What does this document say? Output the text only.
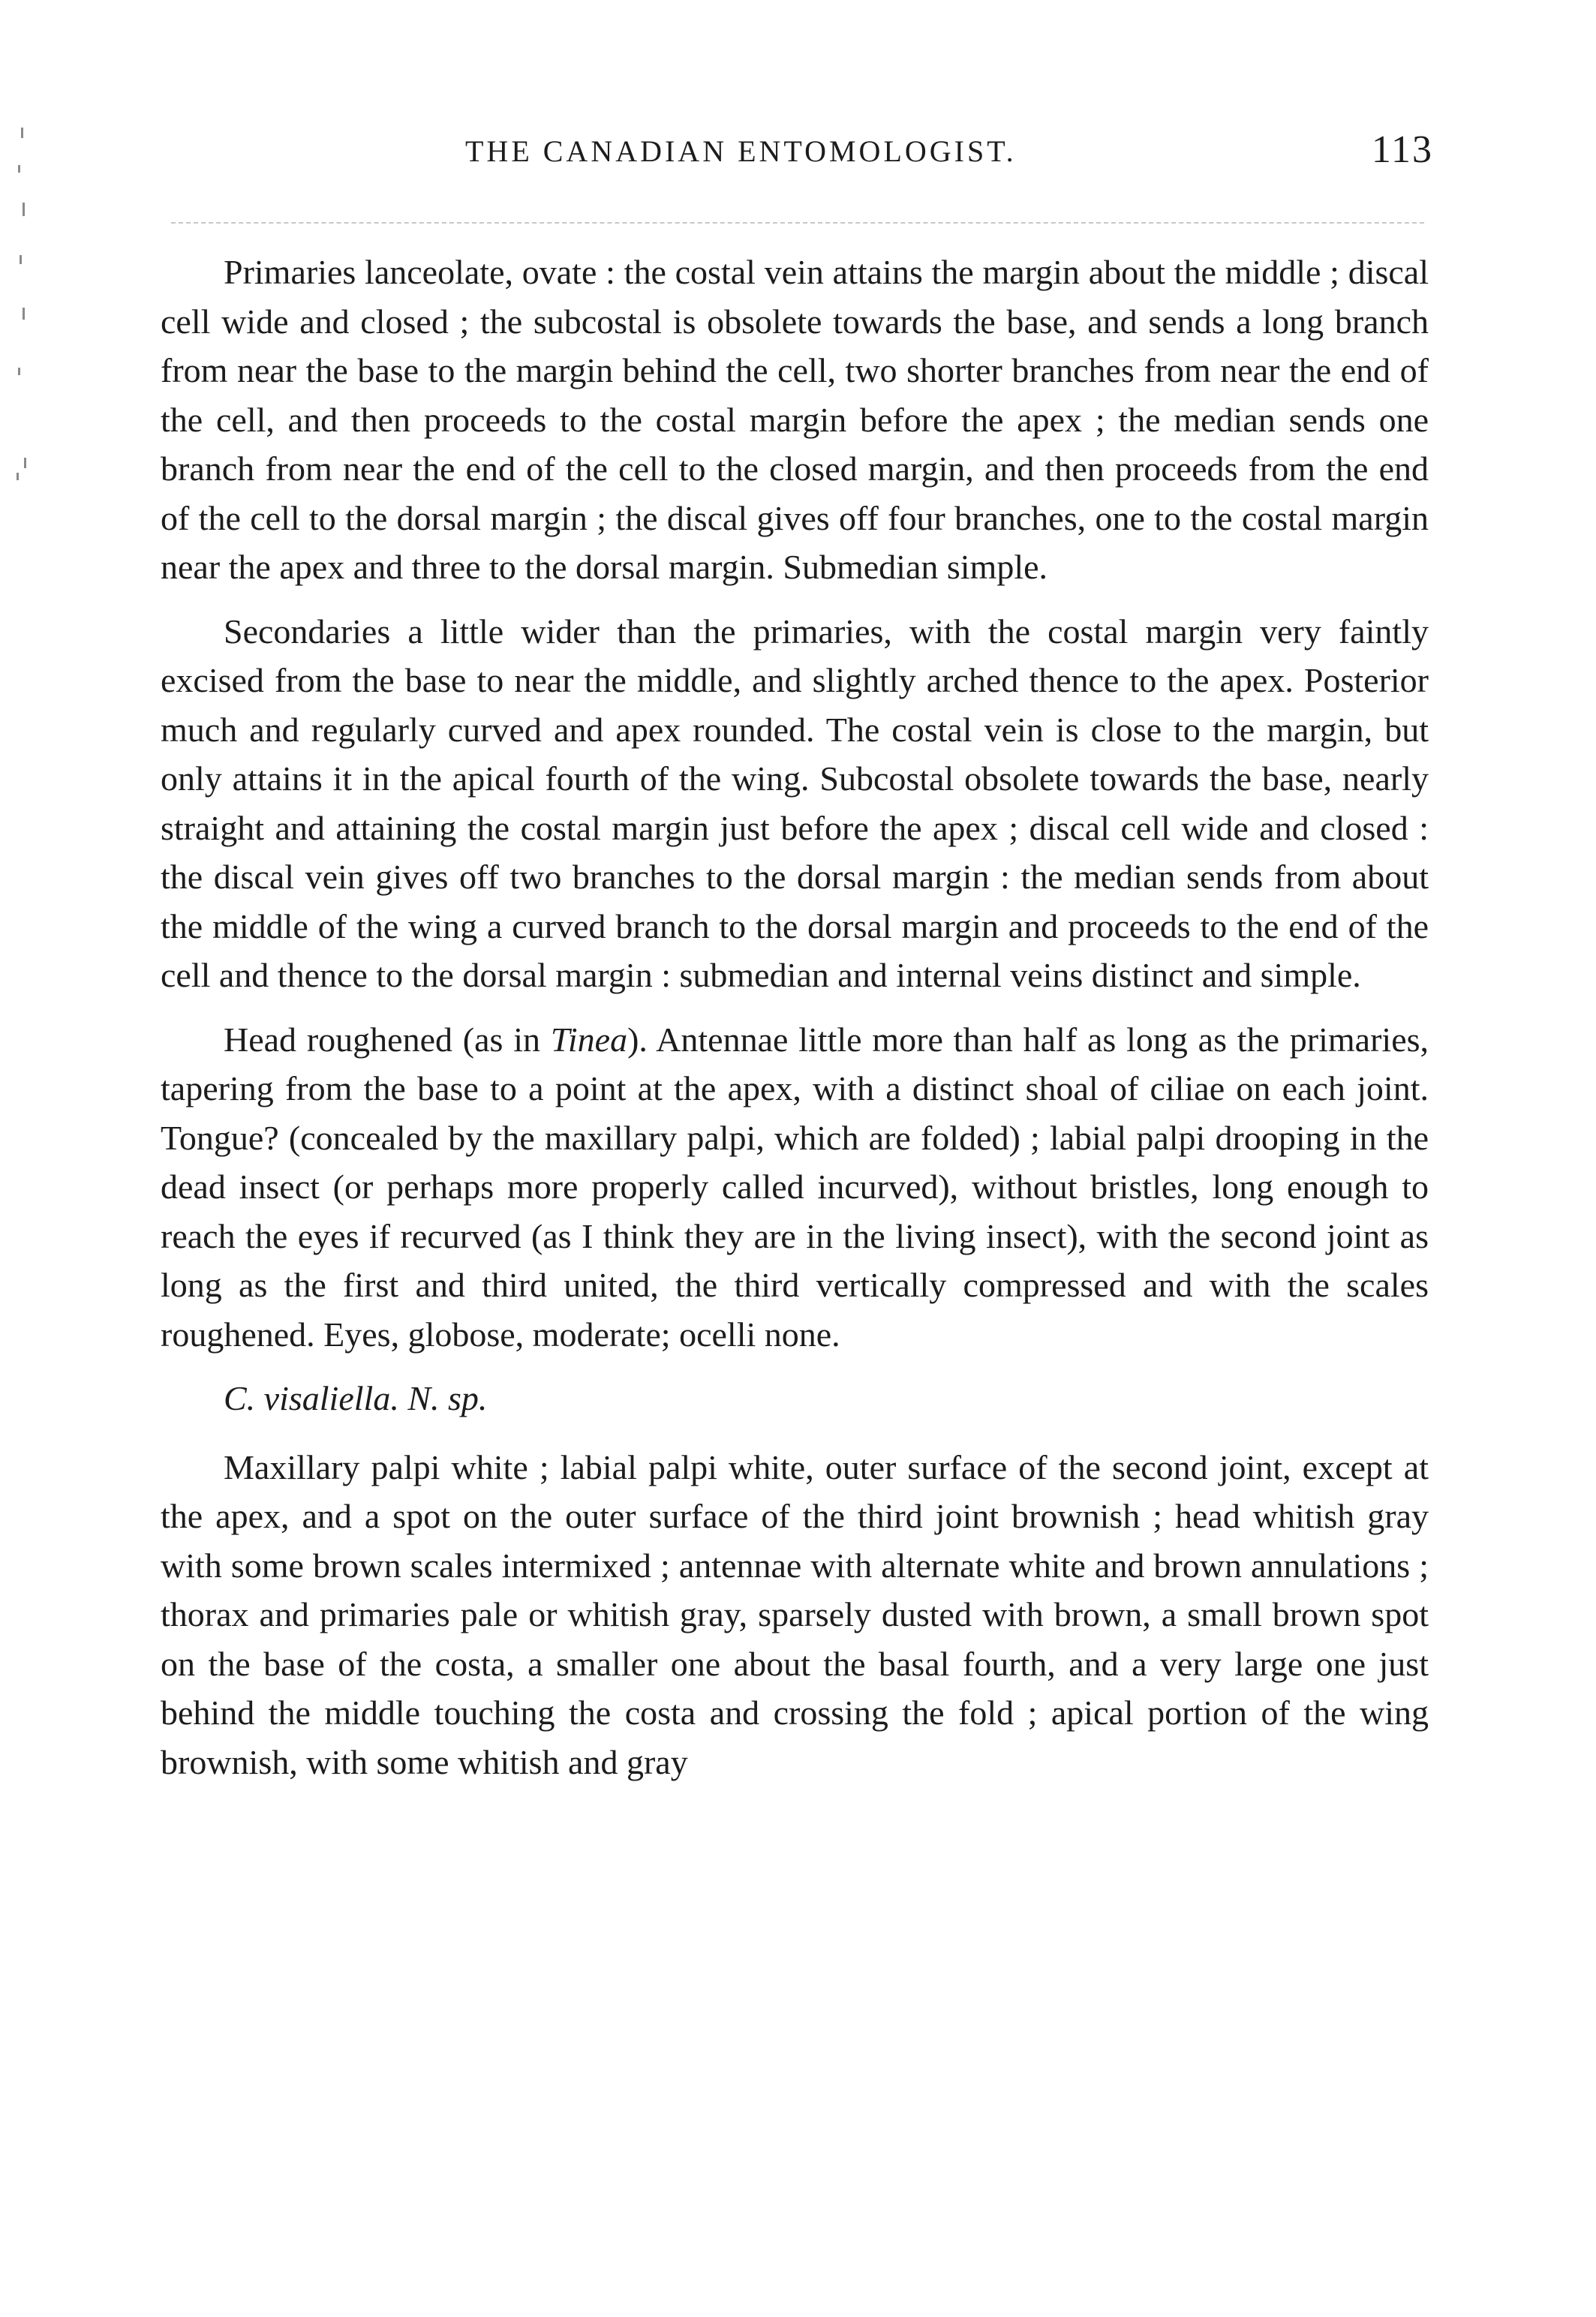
THE CANADIAN ENTOMOLOGIST.	113

Primaries lanceolate, ovate : the costal vein attains the margin about the middle ; discal cell wide and closed ; the subcostal is obsolete towards the base, and sends a long branch from near the base to the margin behind the cell, two shorter branches from near the end of the cell, and then proceeds to the costal margin before the apex ; the median sends one branch from near the end of the cell to the closed margin, and then proceeds from the end of the cell to the dorsal margin ; the discal gives off four branches, one to the costal margin near the apex and three to the dorsal margin. Submedian simple.

Secondaries a little wider than the primaries, with the costal margin very faintly excised from the base to near the middle, and slightly arched thence to the apex. Posterior much and regularly curved and apex rounded. The costal vein is close to the margin, but only attains it in the apical fourth of the wing. Subcostal obsolete towards the base, nearly straight and attaining the costal margin just before the apex ; discal cell wide and closed : the discal vein gives off two branches to the dorsal margin : the median sends from about the middle of the wing a curved branch to the dorsal margin and proceeds to the end of the cell and thence to the dorsal margin : submedian and internal veins distinct and simple.

Head roughened (as in Tinea). Antennae little more than half as long as the primaries, tapering from the base to a point at the apex, with a distinct shoal of ciliae on each joint. Tongue? (concealed by the maxillary palpi, which are folded) ; labial palpi drooping in the dead insect (or perhaps more properly called incurved), without bristles, long enough to reach the eyes if recurved (as I think they are in the living insect), with the second joint as long as the first and third united, the third vertically compressed and with the scales roughened. Eyes, globose, moderate; ocelli none.

C. visaliella. N. sp.

Maxillary palpi white ; labial palpi white, outer surface of the second joint, except at the apex, and a spot on the outer surface of the third joint brownish ; head whitish gray with some brown scales intermixed ; antennae with alternate white and brown annulations ; thorax and primaries pale or whitish gray, sparsely dusted with brown, a small brown spot on the base of the costa, a smaller one about the basal fourth, and a very large one just behind the middle touching the costa and crossing the fold ; apical portion of the wing brownish, with some whitish and gray
